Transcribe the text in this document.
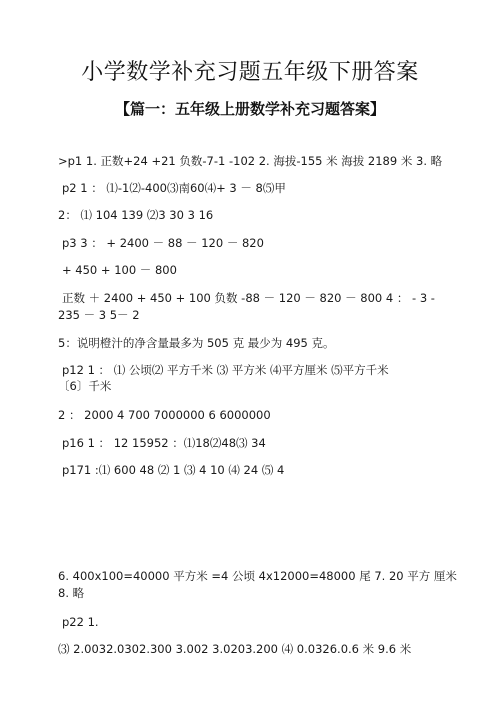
小学数学补充习题五年级下册答案
【篇一：五年级上册数学补充习题答案】
>p1 1. 正数+24 +21 负数-7-1 -102 2. 海拔-155 米 海拔 2189 米 3. 略
p2 1 ： ⑴-1⑵-400⑶南60⑷+ 3 － 8⑸甲
2： ⑴ 104 139 ⑵3 30 3 16
p3 3 ： + 2400 － 88 － 120 － 820
+ 450 + 100 － 800
正数 ＋ 2400 + 450 + 100 负数 -88 － 120 － 820 － 800 4 ： - 3 -
235 － 3 5－ 2
5：说明橙汁的净含量最多为 505 克 最少为 495 克。
p12 1 ： ⑴ 公顷⑵ 平方千米 ⑶ 平方米 ⑷平方厘米 ⑸平方千米
〔6〕千米
2 ： 2000 4 700 7000000 6 6000000
p16 1 ： 12 15952 ：⑴18⑵48⑶ 34
p171 :⑴ 600 48 ⑵ 1 ⑶ 4 10 ⑷ 24 ⑸ 4
6. 400x100=40000 平方米 =4 公顷 4x12000=48000 尾 7. 20 平方 厘米
8. 略
p22 1.
⑶ 2.0032.0302.300 3.002 3.0203.200 ⑷ 0.0326.0.6 米 9.6 米
